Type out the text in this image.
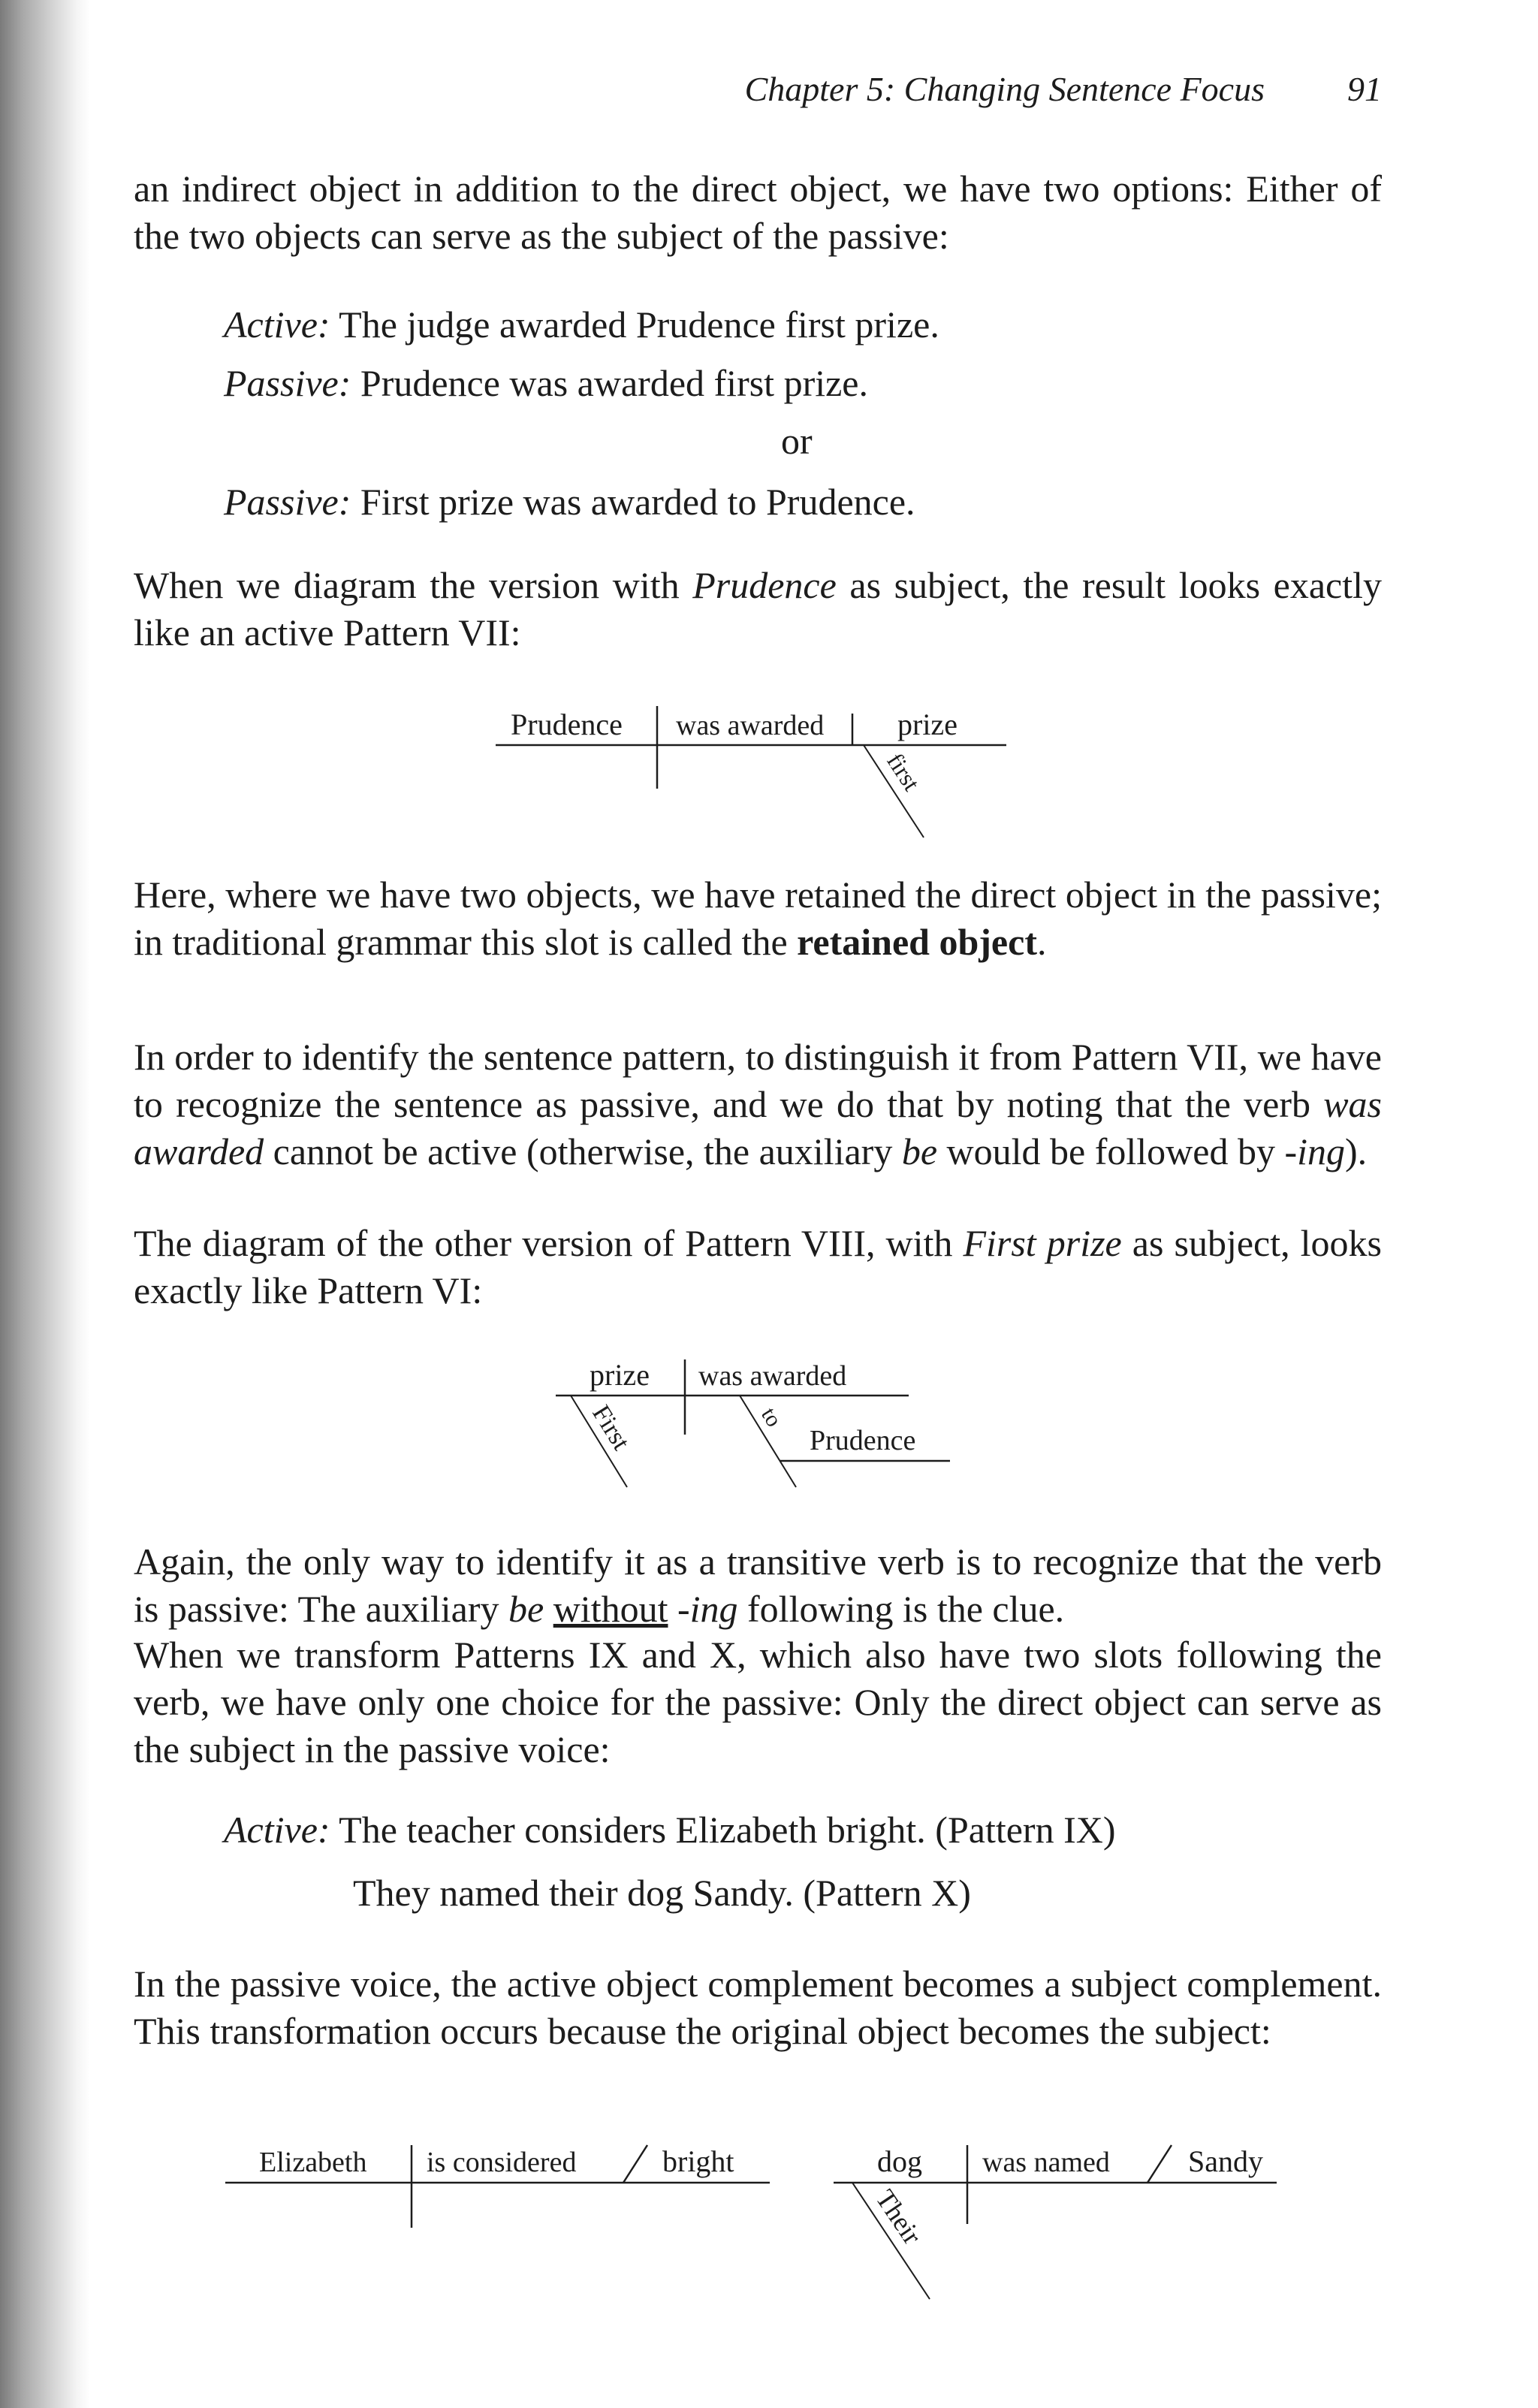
Chapter 5: Changing Sentence Focus 91

an indirect object in addition to the direct object, we have two options: Either of the two objects can serve as the subject of the passive:

Active: The judge awarded Prudence first prize.

Passive: Prudence was awarded first prize.

or

Passive: First prize was awarded to Prudence.

When we diagram the version with Prudence as subject, the result looks exactly like an active Pattern VII:

Prudence was awarded prize
first

Here, where we have two objects, we have retained the direct object in the passive; in traditional grammar this slot is called the retained object.

In order to identify the sentence pattern, to distinguish it from Pattern VII, we have to recognize the sentence as passive, and we do that by noting that the verb was awarded cannot be active (otherwise, the auxiliary be would be followed by -ing).

The diagram of the other version of Pattern VIII, with First prize as subject, looks exactly like Pattern VI:

prize was awarded
First	to
Prudence

Again, the only way to identify it as a transitive verb is to recognize that the verb is passive: The auxiliary be without -ing following is the clue.

When we transform Patterns IX and X, which also have two slots following the verb, we have only one choice for the passive: Only the direct object can serve as the subject in the passive voice:

Active: The teacher considers Elizabeth bright. (Pattern IX)

They named their dog Sandy. (Pattern X)

In the passive voice, the active object complement becomes a subject complement. This transformation occurs because the original object becomes the subject:

Elizabeth is considered	bright	dog was named	Sandy
Their
